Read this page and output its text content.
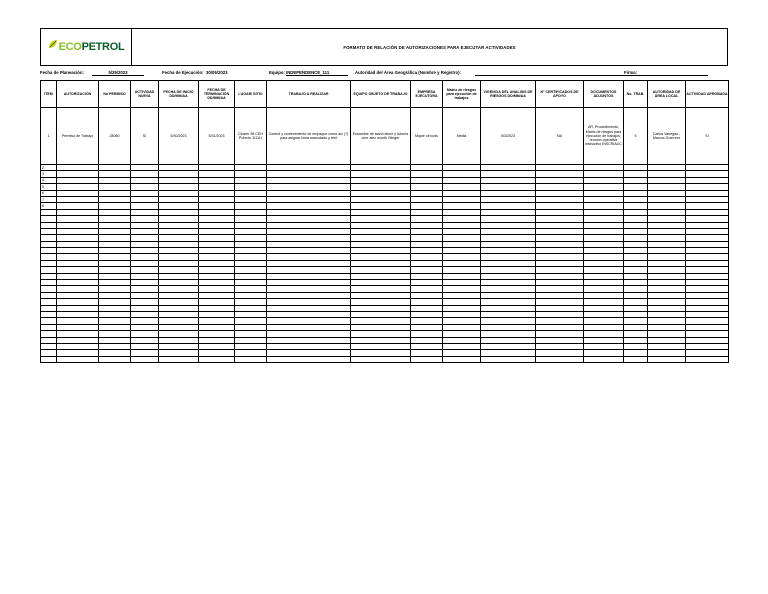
ECO PETROL	FORMATO DE RELACIÓN DE AUTORIZACIONES PARA EJECUTAR ACTIVIDADES
Fecha de Planeación:	5/29/2023	Fecha de Ejecución: 30/05/2023	Equipo: INDEPENDENCE_111	Autoridad del Área Geográfica (Nombre y Registro):	Firma:
ITEM	AUTORIZACIÓN	No PERMISO	ACTIVIDAD NUEVA	FECHA DE INICIO DD/MM/AA	FECHA DE TERMINACIÓN DD/MM/AA	LUGAR/ SITIO	TRABAJO A REALIZAR	EQUIPO OBJETO DE TRABAJO	EMPRESA EJECUTORA	Matriz de riesgos para ejecución de trabajos	VIGENCIA DEL ANALISIS DE RIESGOS DD/MM/AA	N° CERTIFICADOS DE APOYO	DOCUMENTOS ADJUNTOS	No. TRAB.	AUTORIDAD DE ÁREA LOCAL	ACTIVIDAD APROBADA
1	Permiso de Trabajo	28080	SI	5/30/2023	5/31/2023	Cluster 98 CEH Pulmón 1111H	Control y contenimiento de empaque como así (?) para asignar línea reanudado y test	Ensamble de stand alone y tubería cierr alex month Stinger	Maple oil tools	Media	5/3/2023	NA	AR, Procedimiento, Matriz de riesgos para ejecución de trabajos, reunión operativa instructivo INSCRIAUC	5	Carlos Vanegas - Marcos Guerrero	SI
2																
3																
4																
5																
6																
7																
8																
